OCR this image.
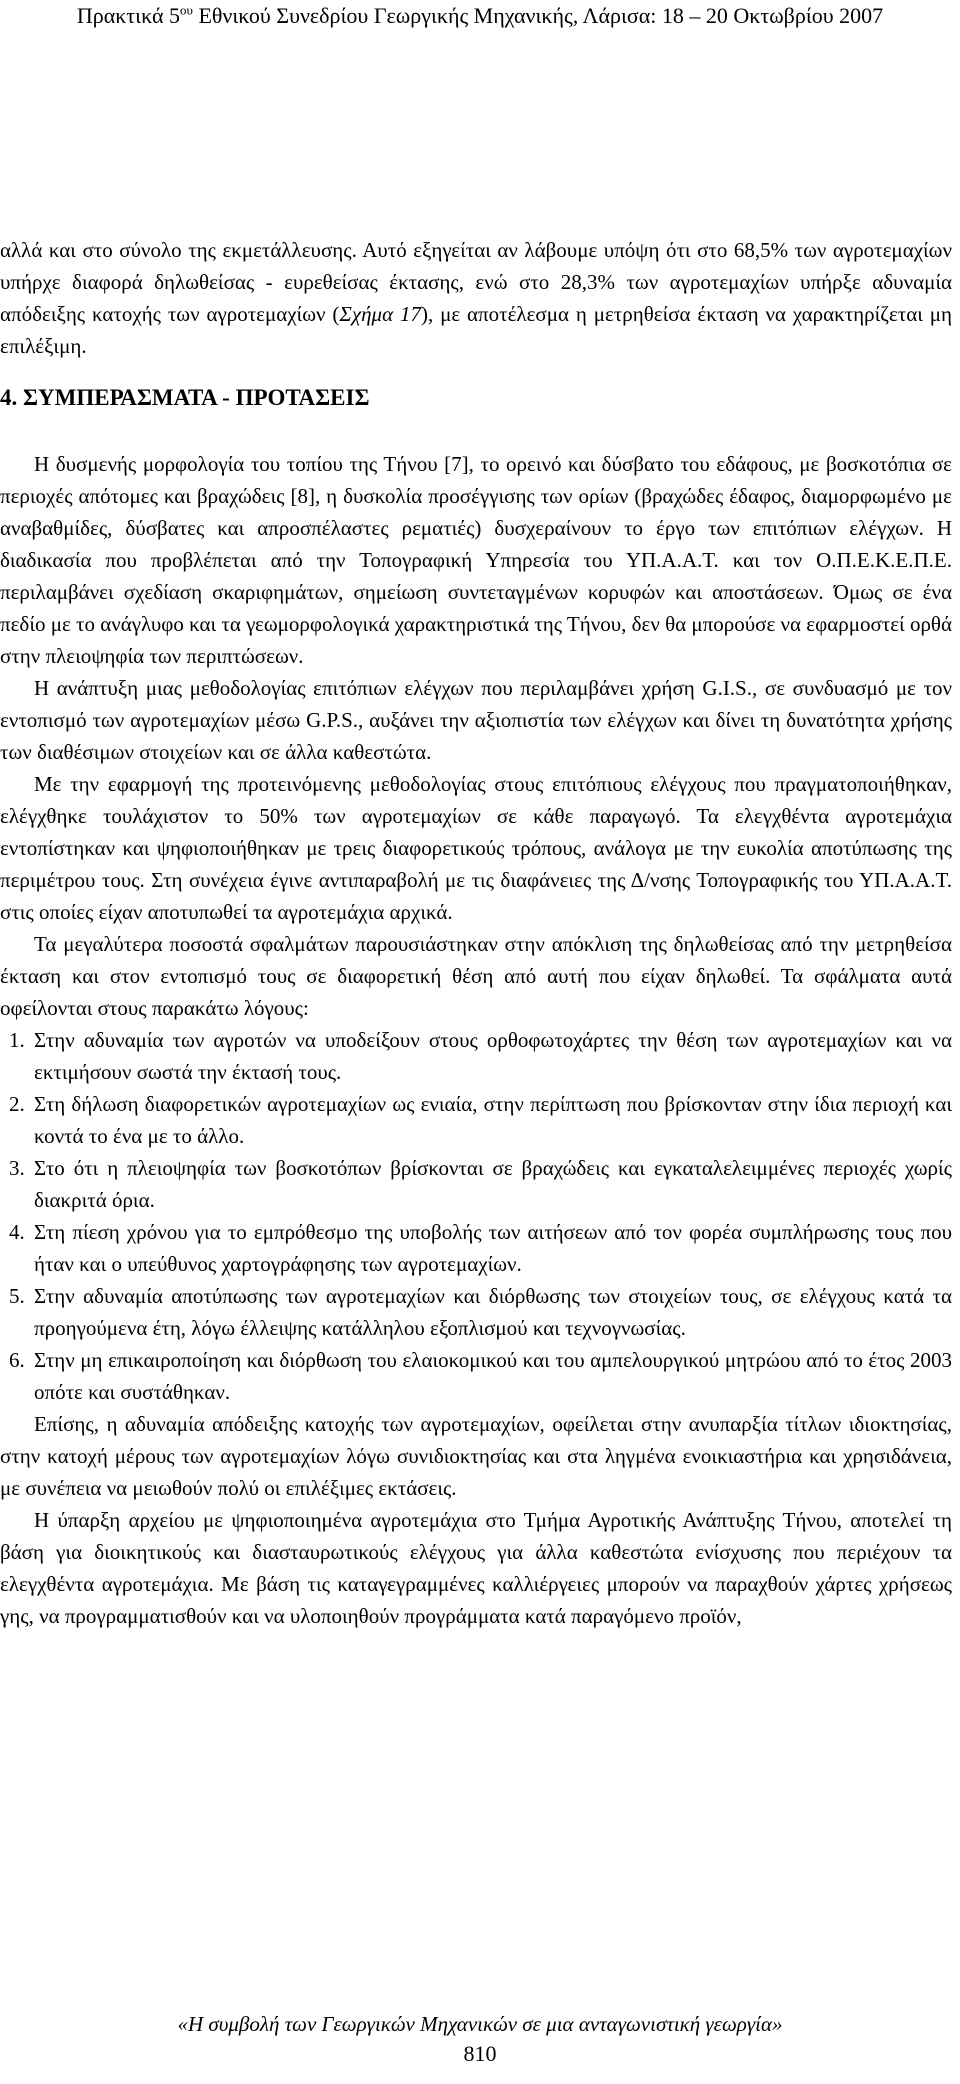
Πρακτικά $5^{o\upsilon}$ Εθνικού Συνεδρίου Γεωργικής Μηχανικής, Λάρισα: 18 – 20 Οκτωβρίου 2007

αλλά και στο σύνολο της εκμετάλλευσης. Αυτό εξηγείται αν λάβουμε υπόψη ότι στο 68,5% των αγροτεμαχίων υπήρχε διαφορά δηλωθείσας - ευρεθείσας έκτασης, ενώ στο 28,3% των αγροτεμαχίων υπήρξε αδυναμία απόδειξης κατοχής των αγροτεμαχίων (Σχήμα 17), με αποτέλεσμα η μετρηθείσα έκταση να χαρακτηρίζεται μη επιλέξιμη.

4. ΣΥΜΠΕΡΑΣΜΑΤΑ - ΠΡΟΤΑΣΕΙΣ

Η δυσμενής μορφολογία του τοπίου της Τήνου [7], το ορεινό και δύσβατο του εδάφους, με βοσκοτόπια σε περιοχές απότομες και βραχώδεις [8], η δυσκολία προσέγγισης των ορίων (βραχώδες έδαφος, διαμορφωμένο με αναβαθμίδες, δύσβατες και απροσπέλαστες ρεματιές) δυσχεραίνουν το έργο των επιτόπιων ελέγχων. Η διαδικασία που προβλέπεται από την Τοπογραφική Υπηρεσία του ΥΠ.Α.Α.Τ. και τον Ο.Π.Ε.Κ.Ε.Π.Ε. περιλαμβάνει σχεδίαση σκαριφημάτων, σημείωση συντεταγμένων κορυφών και αποστάσεων. Όμως σε ένα πεδίο με το ανάγλυφο και τα γεωμορφολογικά χαρακτηριστικά της Τήνου, δεν θα μπορούσε να εφαρμοστεί ορθά στην πλειοψηφία των περιπτώσεων.

Η ανάπτυξη μιας μεθοδολογίας επιτόπιων ελέγχων που περιλαμβάνει χρήση G.I.S., σε συνδυασμό με τον εντοπισμό των αγροτεμαχίων μέσω G.P.S., αυξάνει την αξιοπιστία των ελέγχων και δίνει τη δυνατότητα χρήσης των διαθέσιμων στοιχείων και σε άλλα καθεστώτα.

Με την εφαρμογή της προτεινόμενης μεθοδολογίας στους επιτόπιους ελέγχους που πραγματοποιήθηκαν, ελέγχθηκε τουλάχιστον το 50% των αγροτεμαχίων σε κάθε παραγωγό. Τα ελεγχθέντα αγροτεμάχια εντοπίστηκαν και ψηφιοποιήθηκαν με τρεις διαφορετικούς τρόπους, ανάλογα με την ευκολία αποτύπωσης της περιμέτρου τους. Στη συνέχεια έγινε αντιπαραβολή με τις διαφάνειες της Δ/νσης Τοπογραφικής του ΥΠ.Α.Α.Τ. στις οποίες είχαν αποτυπωθεί τα αγροτεμάχια αρχικά.

Τα μεγαλύτερα ποσοστά σφαλμάτων παρουσιάστηκαν στην απόκλιση της δηλωθείσας από την μετρηθείσα έκταση και στον εντοπισμό τους σε διαφορετική θέση από αυτή που είχαν δηλωθεί. Τα σφάλματα αυτά οφείλονται στους παρακάτω λόγους:

1. Στην αδυναμία των αγροτών να υποδείξουν στους ορθοφωτοχάρτες την θέση των αγροτεμαχίων και να εκτιμήσουν σωστά την έκτασή τους.
2. Στη δήλωση διαφορετικών αγροτεμαχίων ως ενιαία, στην περίπτωση που βρίσκονταν στην ίδια περιοχή και κοντά το ένα με το άλλο.
3. Στο ότι η πλειοψηφία των βοσκοτόπων βρίσκονται σε βραχώδεις και εγκαταλελειμμένες περιοχές χωρίς διακριτά όρια.
4. Στη πίεση χρόνου για το εμπρόθεσμο της υποβολής των αιτήσεων από τον φορέα συμπλήρωσης τους που ήταν και ο υπεύθυνος χαρτογράφησης των αγροτεμαχίων.
5. Στην αδυναμία αποτύπωσης των αγροτεμαχίων και διόρθωσης των στοιχείων τους, σε ελέγχους κατά τα προηγούμενα έτη, λόγω έλλειψης κατάλληλου εξοπλισμού και τεχνογνωσίας.
6. Στην μη επικαιροποίηση και διόρθωση του ελαιοκομικού και του αμπελουργικού μητρώου από το έτος 2003 οπότε και συστάθηκαν.

Επίσης, η αδυναμία απόδειξης κατοχής των αγροτεμαχίων, οφείλεται στην ανυπαρξία τίτλων ιδιοκτησίας, στην κατοχή μέρους των αγροτεμαχίων λόγω συνιδιοκτησίας και στα ληγμένα ενοικιαστήρια και χρησιδάνεια, με συνέπεια να μειωθούν πολύ οι επιλέξιμες εκτάσεις.

Η ύπαρξη αρχείου με ψηφιοποιημένα αγροτεμάχια στο Τμήμα Αγροτικής Ανάπτυξης Τήνου, αποτελεί τη βάση για διοικητικούς και διασταυρωτικούς ελέγχους για άλλα καθεστώτα ενίσχυσης που περιέχουν τα ελεγχθέντα αγροτεμάχια. Με βάση τις καταγεγραμμένες καλλιέργειες μπορούν να παραχθούν χάρτες χρήσεως γης, να προγραμματισθούν και να υλοποιηθούν προγράμματα κατά παραγόμενο προϊόν,

«Η συμβολή των Γεωργικών Μηχανικών σε μια ανταγωνιστική γεωργία»
810
